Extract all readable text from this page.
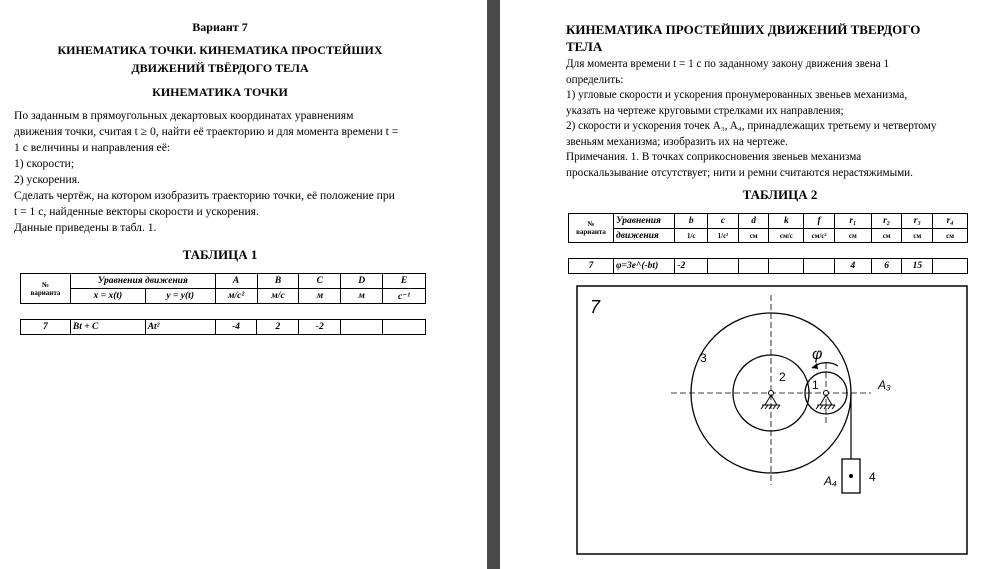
Вариант 7
КИНЕМАТИКА ТОЧКИ. КИНЕМАТИКА ПРОСТЕЙШИХ
ДВИЖЕНИЙ ТВЁРДОГО ТЕЛА
КИНЕМАТИКА ТОЧКИ
По заданным в прямоугольных декартовых координатах уравнениям
движения точки, считая t ≥ 0, найти её траекторию и для момента времени t =
1 с величины и направления её:
1) скорости;
2) ускорения.
Сделать чертёж, на котором изобразить траекторию точки, её положение при
t = 1 с, найденные векторы скорости и ускорения.
Данные приведены в табл. 1.
ТАБЛИЦА 1
№
варианта	Уравнения движения		A	B	C	D	E
	x = x(t)	y = y(t)	м/с²	м/с	м	м	с⁻¹
7	Bt + C	At²	-4	2	-2		
КИНЕМАТИКА ПРОСТЕЙШИХ ДВИЖЕНИЙ ТВЕРДОГО
ТЕЛА
Для момента времени t = 1 с по заданному закону движения звена 1
определить:
1) угловые скорости и ускорения пронумерованных звеньев механизма,
указать на чертеже круговыми стрелками их направления;
2) скорости и ускорения точек A₃, A₄, принадлежащих третьему и четвертому
звеньям механизма; изобразить их на чертеже.
Примечания. 1. В точках соприкосновения звеньев механизма
проскальзывание отсутствует; нити и ремни считаются нерастяжимыми.
ТАБЛИЦА 2
№
варианта	Уравнения	b	c	d	k	f	r₁	r₂	r₃	r₄
	движения	1/c	1/c²	см	см/с	см/с²	см	см	см	см
7	φ=3e^(-bt)	-2					4	6	15	
7
3
2
1
φ
A₃
A₄	4
